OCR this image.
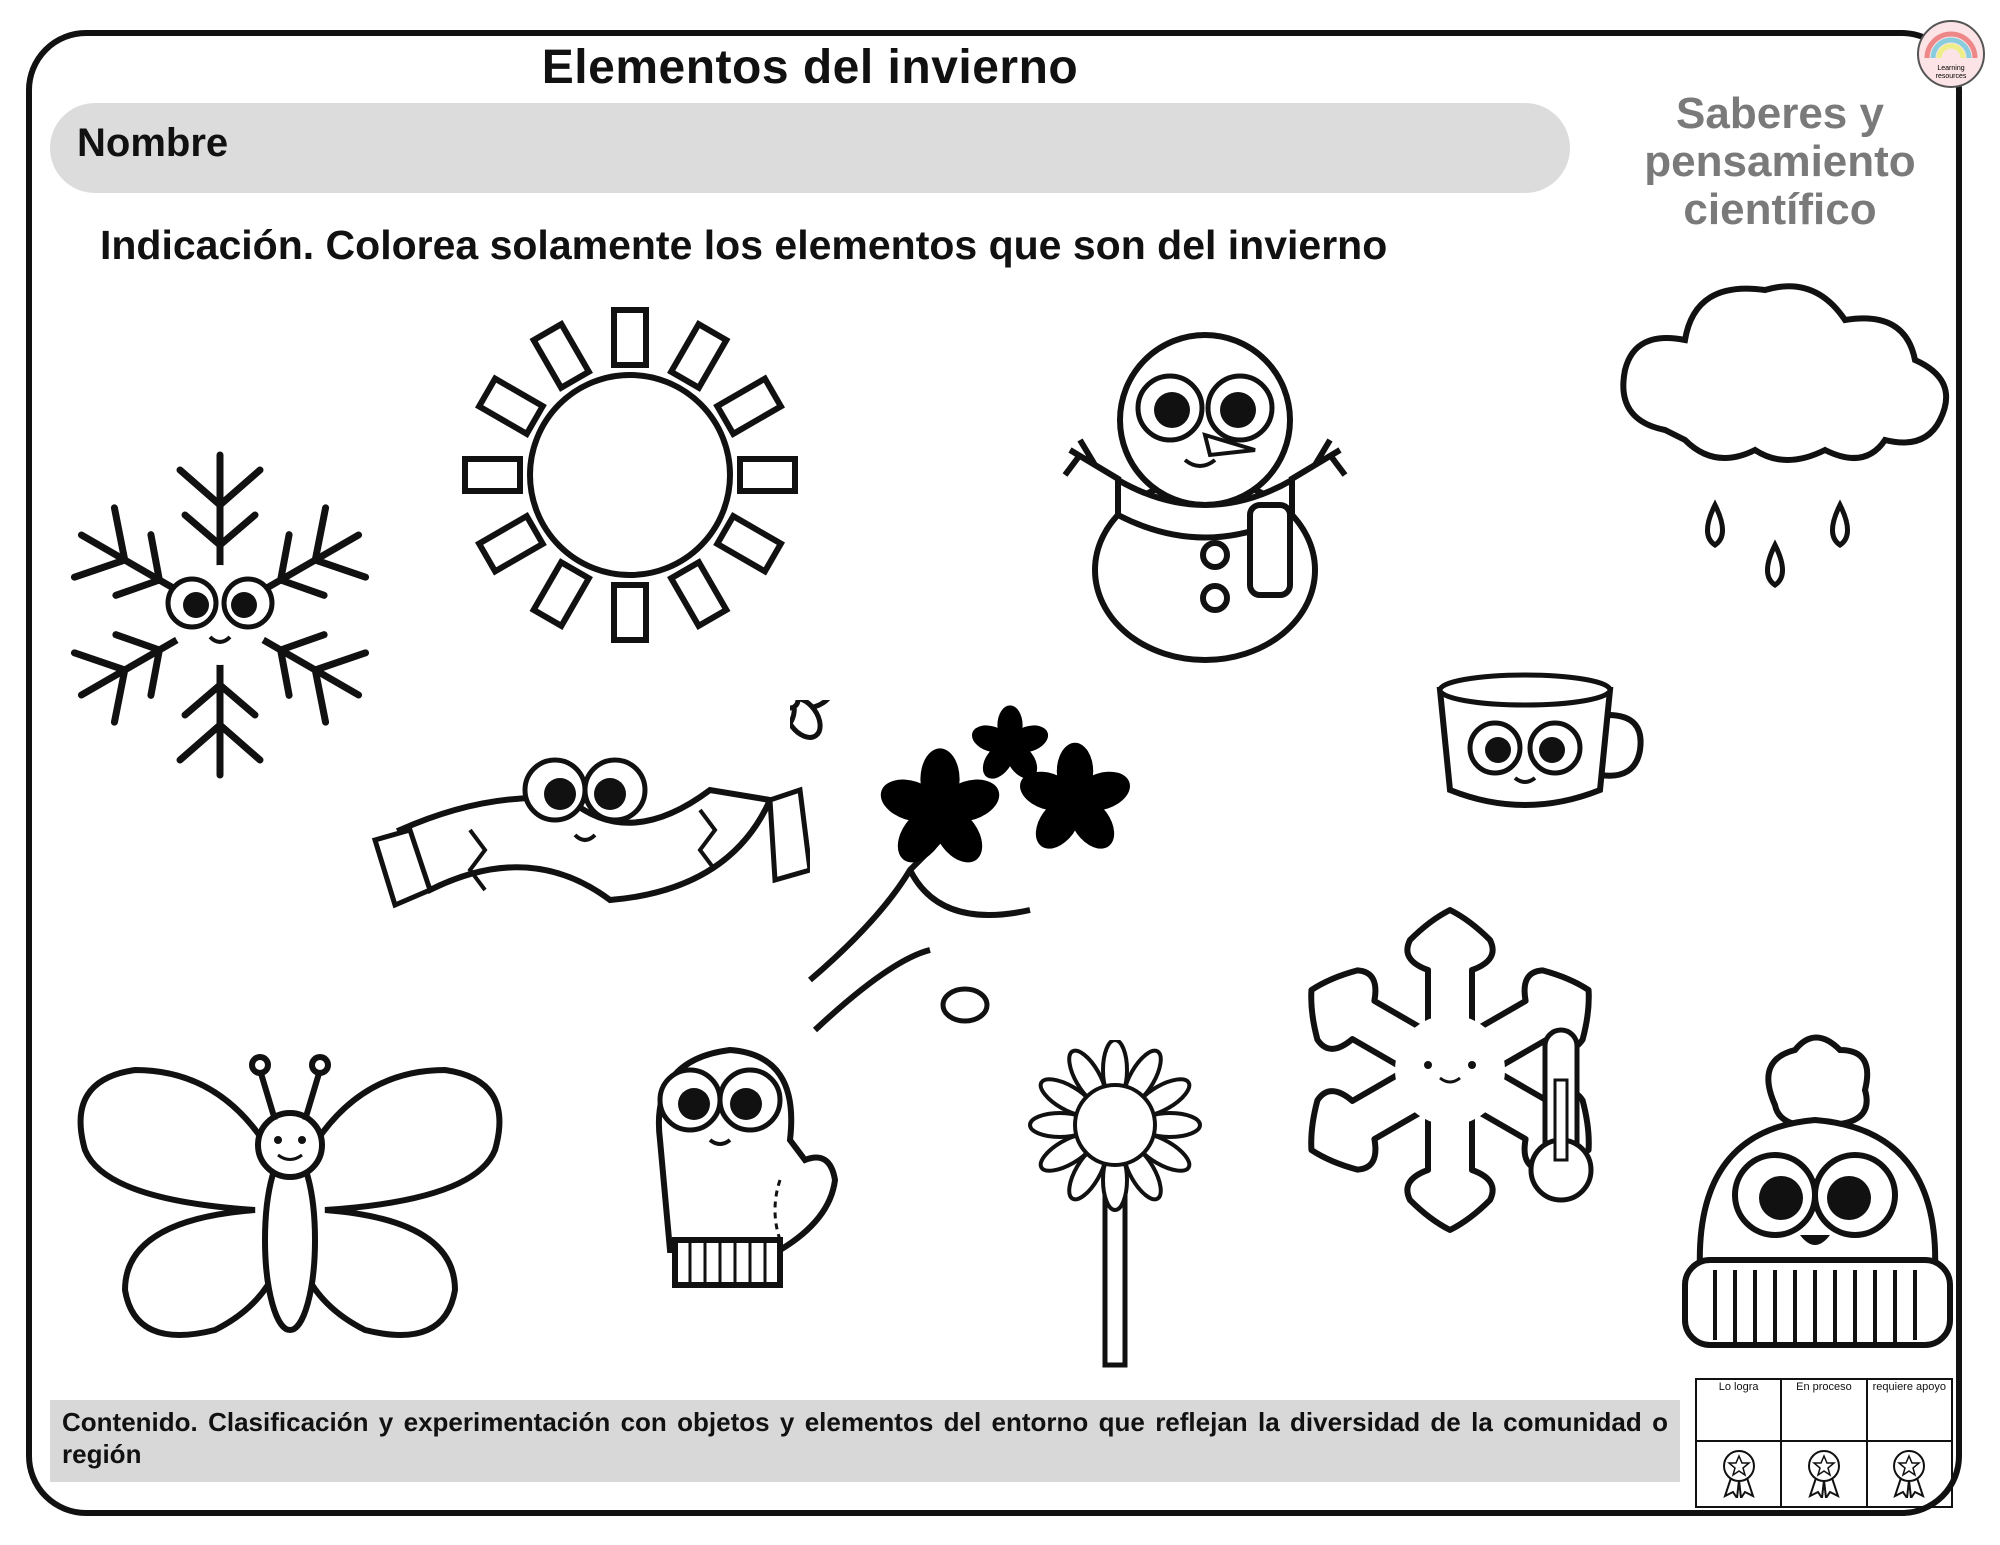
Learning
resources
Elementos del invierno
Nombre
Saberes y
pensamiento
científico
Indicación. Colorea solamente los elementos que son del invierno
Contenido. Clasificación y experimentación con objetos y elementos del entorno que reflejan la diversidad de la comunidad o región
Lo logra	En proceso	requiere apoyo
